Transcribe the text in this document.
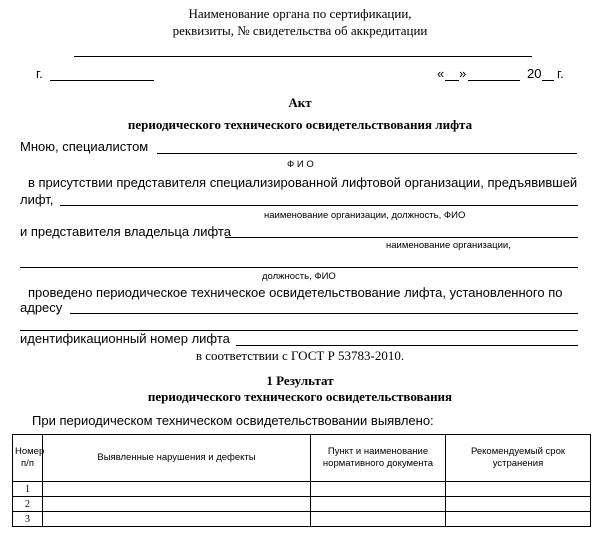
Наименование органа по сертификации,
реквизиты, № свидетельства об аккредитации
г.	« »	20 г.
Акт
периодического технического освидетельствования лифта
Мною, специалистом
Ф И О
в присутствии представителя специализированной лифтовой организации, предъявившей
лифт,
наименование организации, должность, ФИО
и представителя владельца лифта
наименование организации,
должность, ФИО
проведено периодическое техническое освидетельствование лифта, установленного по
адресу
идентификационный номер лифта
в соответствии с ГОСТ Р 53783-2010.
1 Результат
периодического технического освидетельствования
При периодическом техническом освидетельствовании выявлено:
Номер п/п	Выявленные нарушения и дефекты	Пункт и наименование нормативного документа	Рекомендуемый срок устранения
1			
2			
3			
